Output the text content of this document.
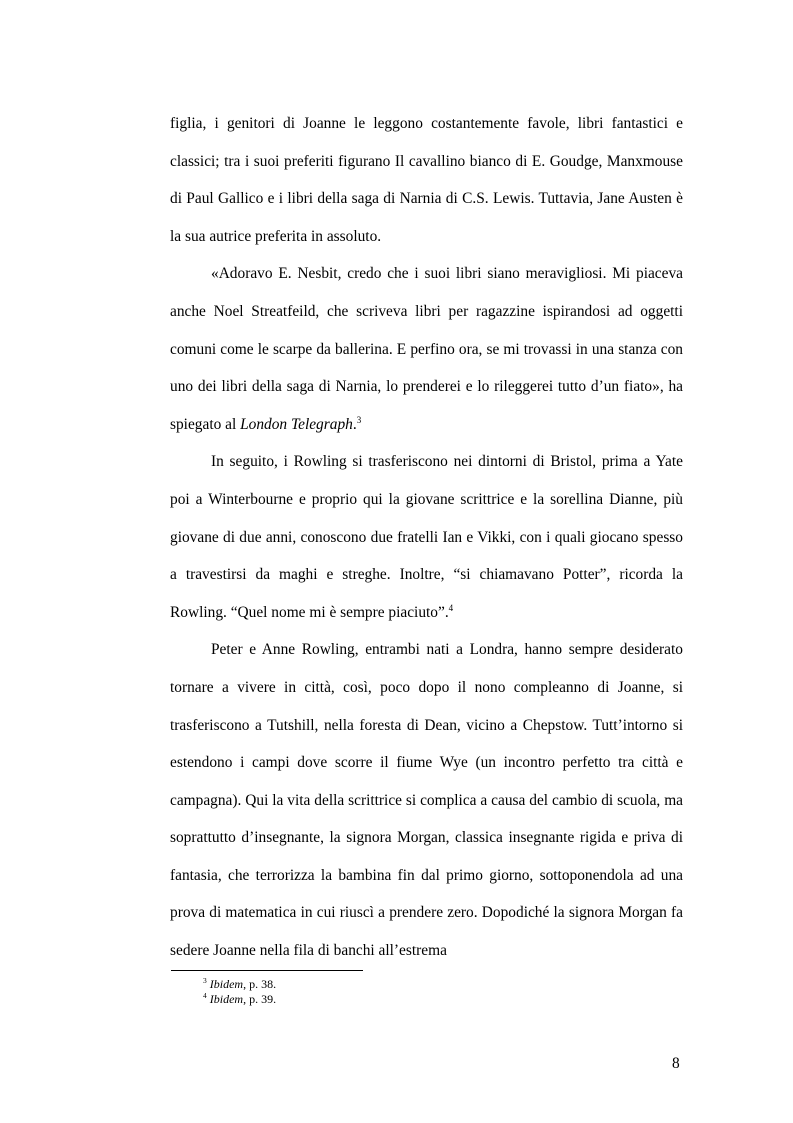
figlia, i genitori di Joanne le leggono costantemente favole, libri fantastici e classici; tra i suoi preferiti figurano Il cavallino bianco di E. Goudge, Manxmouse di Paul Gallico e i libri della saga di Narnia di C.S. Lewis. Tuttavia, Jane Austen è la sua autrice preferita in assoluto.

«Adoravo E. Nesbit, credo che i suoi libri siano meravigliosi. Mi piaceva anche Noel Streatfeild, che scriveva libri per ragazzine ispirandosi ad oggetti comuni come le scarpe da ballerina. E perfino ora, se mi trovassi in una stanza con uno dei libri della saga di Narnia, lo prenderei e lo rileggerei tutto d’un fiato», ha spiegato al London Telegraph.$^3$

In seguito, i Rowling si trasferiscono nei dintorni di Bristol, prima a Yate poi a Winterbourne e proprio qui la giovane scrittrice e la sorellina Dianne, più giovane di due anni, conoscono due fratelli Ian e Vikki, con i quali giocano spesso a travestirsi da maghi e streghe. Inoltre, “si chiamavano Potter”, ricorda la Rowling. “Quel nome mi è sempre piaciuto”.$^4$

Peter e Anne Rowling, entrambi nati a Londra, hanno sempre desiderato tornare a vivere in città, così, poco dopo il nono compleanno di Joanne, si trasferiscono a Tutshill, nella foresta di Dean, vicino a Chepstow. Tutt’intorno si estendono i campi dove scorre il fiume Wye (un incontro perfetto tra città e campagna). Qui la vita della scrittrice si complica a causa del cambio di scuola, ma soprattutto d’insegnante, la signora Morgan, classica insegnante rigida e priva di fantasia, che terrorizza la bambina fin dal primo giorno, sottoponendola ad una prova di matematica in cui riuscì a prendere zero. Dopodiché la signora Morgan fa sedere Joanne nella fila di banchi all’estrema

$^3$ Ibidem, p. 38.
$^4$ Ibidem, p. 39.
8
